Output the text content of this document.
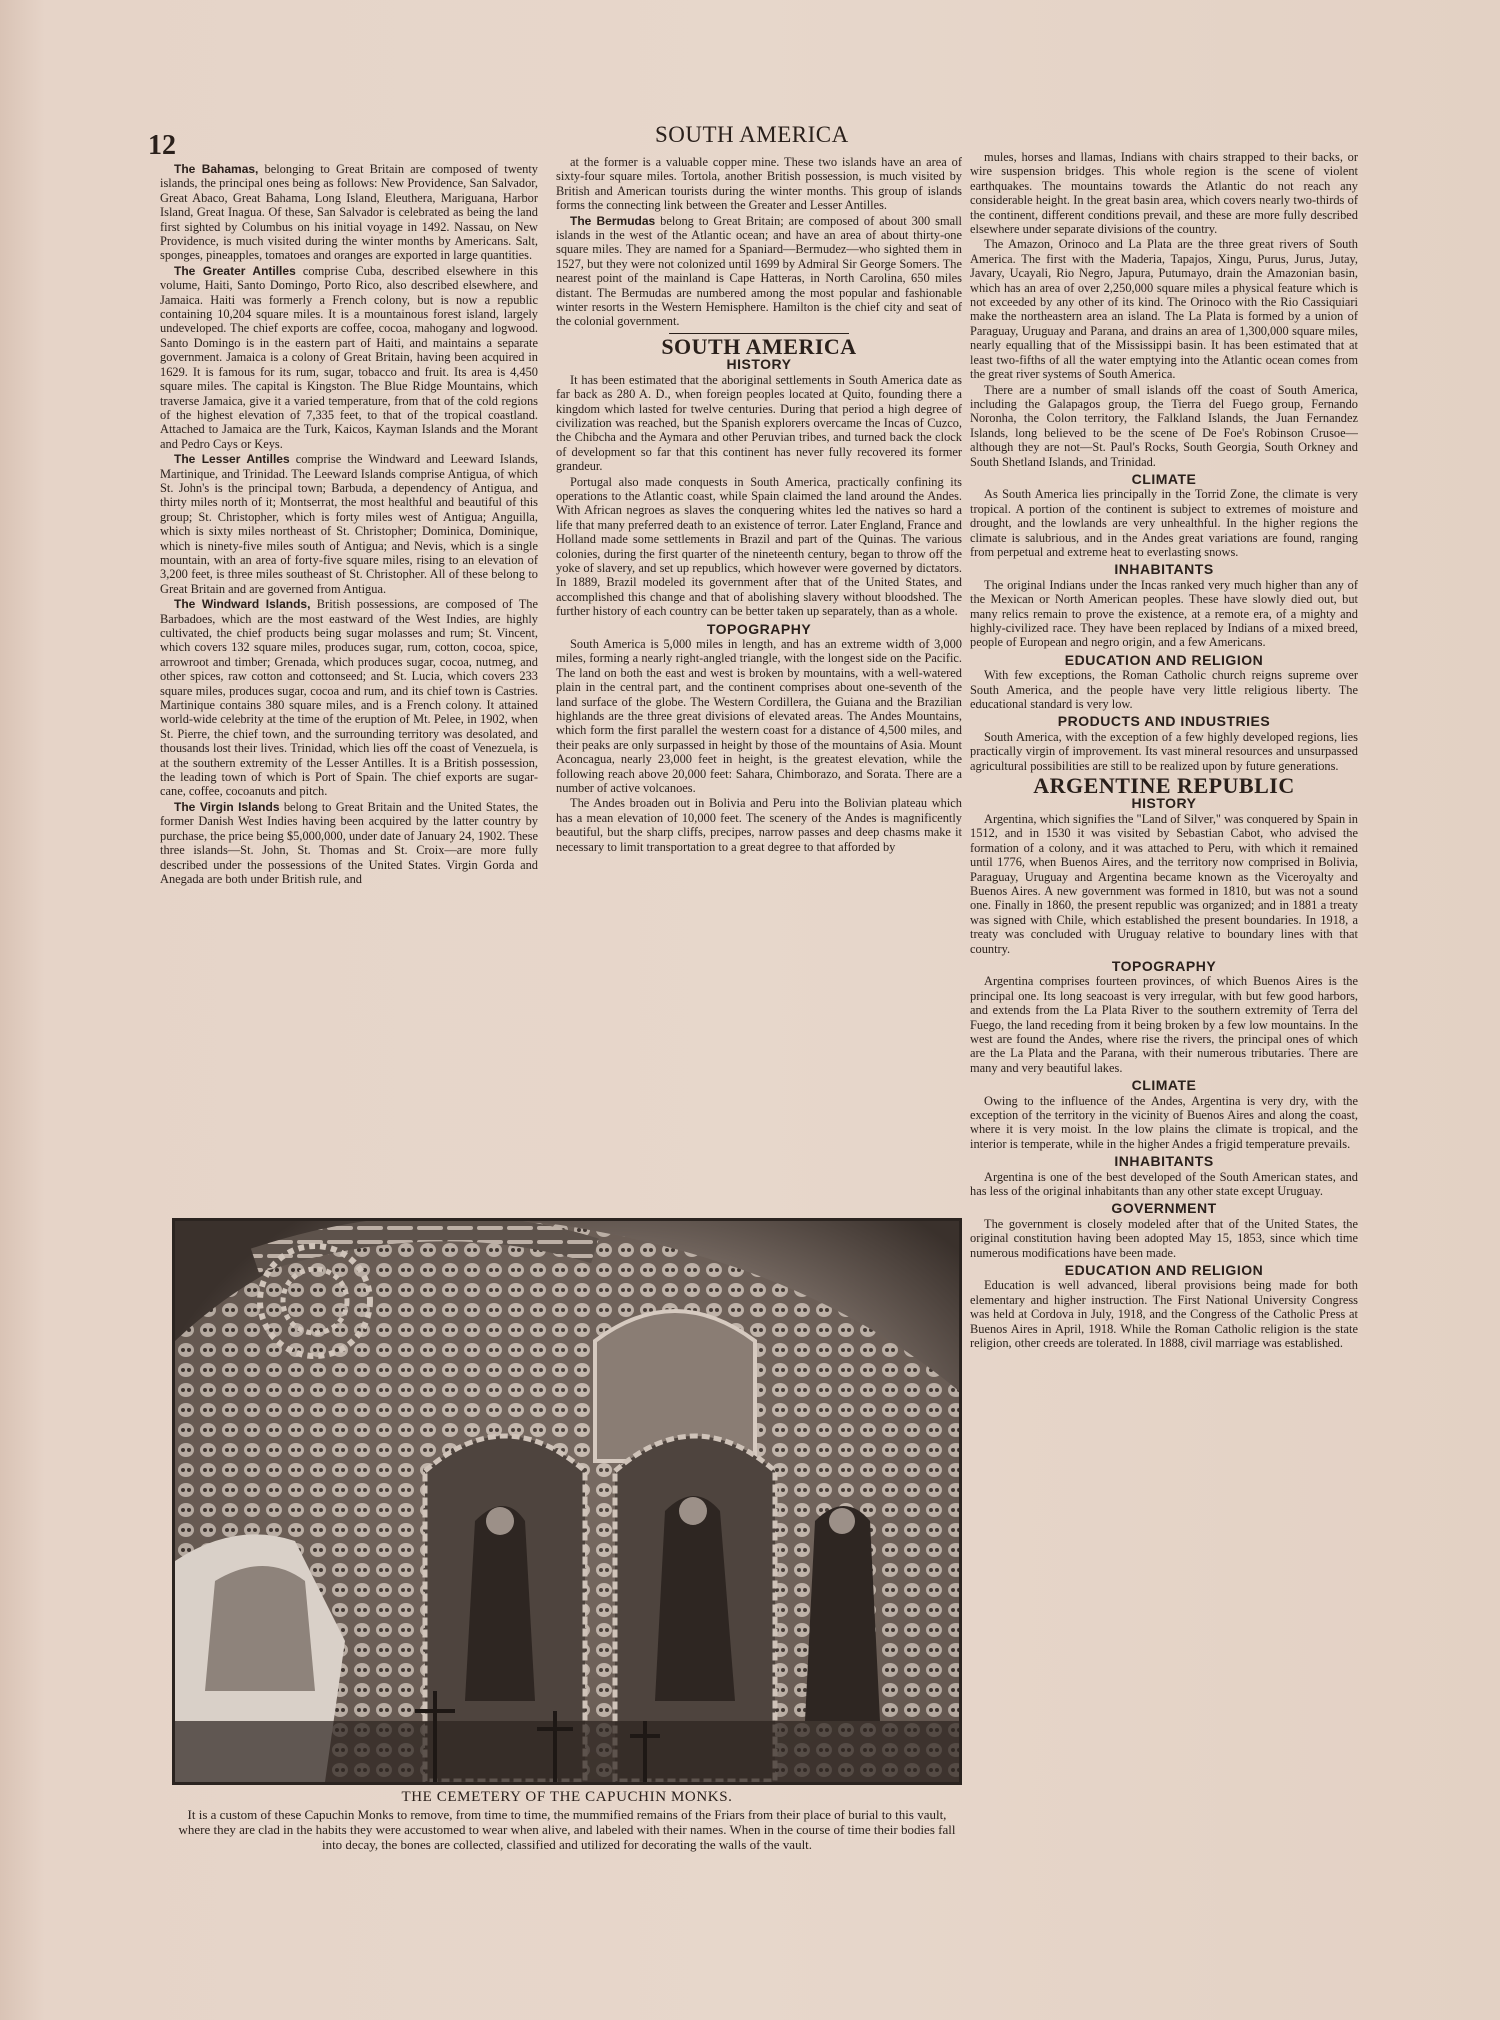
12	SOUTH AMERICA

The Bahamas, belonging to Great Britain are composed of twenty islands, the principal ones being as follows: New Providence, San Salvador, Great Abaco, Great Bahama, Long Island, Eleuthera, Mariguana, Harbor Island, Great Inagua. Of these, San Salvador is celebrated as being the land first sighted by Columbus on his initial voyage in 1492. Nassau, on New Providence, is much visited during the winter months by Americans. Salt, sponges, pineapples, tomatoes and oranges are exported in large quantities.

The Greater Antilles comprise Cuba, described elsewhere in this volume, Haiti, Santo Domingo, Porto Rico, also described elsewhere, and Jamaica. Haiti was formerly a French colony, but is now a republic containing 10,204 square miles. It is a mountainous forest island, largely undeveloped. The chief exports are coffee, cocoa, mahogany and logwood. Santo Domingo is in the eastern part of Haiti, and maintains a separate government. Jamaica is a colony of Great Britain, having been acquired in 1629. It is famous for its rum, sugar, tobacco and fruit. Its area is 4,450 square miles. The capital is Kingston. The Blue Ridge Mountains, which traverse Jamaica, give it a varied temperature, from that of the cold regions of the highest elevation of 7,335 feet, to that of the tropical coastland. Attached to Jamaica are the Turk, Kaicos, Kayman Islands and the Morant and Pedro Cays or Keys.

The Lesser Antilles comprise the Windward and Leeward Islands, Martinique, and Trinidad. The Leeward Islands comprise Antigua, of which St. John's is the principal town; Barbuda, a dependency of Antigua, and thirty miles north of it; Montserrat, the most healthful and beautiful of this group; St. Christopher, which is forty miles west of Antigua; Anguilla, which is sixty miles northeast of St. Christopher; Dominica, Dominique, which is ninety-five miles south of Antigua; and Nevis, which is a single mountain, with an area of forty-five square miles, rising to an elevation of 3,200 feet, is three miles southeast of St. Christopher. All of these belong to Great Britain and are governed from Antigua.

The Windward Islands, British possessions, are composed of The Barbadoes, which are the most eastward of the West Indies, are highly cultivated, the chief products being sugar molasses and rum; St. Vincent, which covers 132 square miles, produces sugar, rum, cotton, cocoa, spice, arrowroot and timber; Grenada, which produces sugar, cocoa, nutmeg, and other spices, raw cotton and cottonseed; and St. Lucia, which covers 233 square miles, produces sugar, cocoa and rum, and its chief town is Castries. Martinique contains 380 square miles, and is a French colony. It attained world-wide celebrity at the time of the eruption of Mt. Pelee, in 1902, when St. Pierre, the chief town, and the surrounding territory was desolated, and thousands lost their lives. Trinidad, which lies off the coast of Venezuela, is at the southern extremity of the Lesser Antilles. It is a British possession, the leading town of which is Port of Spain. The chief exports are sugar-cane, coffee, cocoanuts and pitch.

The Virgin Islands belong to Great Britain and the United States, the former Danish West Indies having been acquired by the latter country by purchase, the price being $5,000,000, under date of January 24, 1902. These three islands—St. John, St. Thomas and St. Croix—are more fully described under the possessions of the United States. Virgin Gorda and Anegada are both under British rule, and

at the former is a valuable copper mine. These two islands have an area of sixty-four square miles. Tortola, another British possession, is much visited by British and American tourists during the winter months. This group of islands forms the connecting link between the Greater and Lesser Antilles.

The Bermudas belong to Great Britain; are composed of about 300 small islands in the west of the Atlantic ocean; and have an area of about thirty-one square miles. They are named for a Spaniard—Bermudez—who sighted them in 1527, but they were not colonized until 1699 by Admiral Sir George Somers. The nearest point of the mainland is Cape Hatteras, in North Carolina, 650 miles distant. The Bermudas are numbered among the most popular and fashionable winter resorts in the Western Hemisphere. Hamilton is the chief city and seat of the colonial government.

SOUTH AMERICA
HISTORY

It has been estimated that the aboriginal settlements in South America date as far back as 280 A. D., when foreign peoples located at Quito, founding there a kingdom which lasted for twelve centuries. During that period a high degree of civilization was reached, but the Spanish explorers overcame the Incas of Cuzco, the Chibcha and the Aymara and other Peruvian tribes, and turned back the clock of development so far that this continent has never fully recovered its former grandeur.

Portugal also made conquests in South America, practically confining its operations to the Atlantic coast, while Spain claimed the land around the Andes. With African negroes as slaves the conquering whites led the natives so hard a life that many preferred death to an existence of terror. Later England, France and Holland made some settlements in Brazil and part of the Quinas. The various colonies, during the first quarter of the nineteenth century, began to throw off the yoke of slavery, and set up republics, which however were governed by dictators. In 1889, Brazil modeled its government after that of the United States, and accomplished this change and that of abolishing slavery without bloodshed. The further history of each country can be better taken up separately, than as a whole.

TOPOGRAPHY

South America is 5,000 miles in length, and has an extreme width of 3,000 miles, forming a nearly right-angled triangle, with the longest side on the Pacific. The land on both the east and west is broken by mountains, with a well-watered plain in the central part, and the continent comprises about one-seventh of the land surface of the globe. The Western Cordillera, the Guiana and the Brazilian highlands are the three great divisions of elevated areas. The Andes Mountains, which form the first parallel the western coast for a distance of 4,500 miles, and their peaks are only surpassed in height by those of the mountains of Asia. Mount Aconcagua, nearly 23,000 feet in height, is the greatest elevation, while the following reach above 20,000 feet: Sahara, Chimborazo, and Sorata. There are a number of active volcanoes.

The Andes broaden out in Bolivia and Peru into the Bolivian plateau which has a mean elevation of 10,000 feet. The scenery of the Andes is magnificently beautiful, but the sharp cliffs, precipes, narrow passes and deep chasms make it necessary to limit transportation to a great degree to that afforded by

mules, horses and llamas, Indians with chairs strapped to their backs, or wire suspension bridges. This whole region is the scene of violent earthquakes. The mountains towards the Atlantic do not reach any considerable height. In the great basin area, which covers nearly two-thirds of the continent, different conditions prevail, and these are more fully described elsewhere under separate divisions of the country.

The Amazon, Orinoco and La Plata are the three great rivers of South America. The first with the Maderia, Tapajos, Xingu, Purus, Jurus, Jutay, Javary, Ucayali, Rio Negro, Japura, Putumayo, drain the Amazonian basin, which has an area of over 2,250,000 square miles a physical feature which is not exceeded by any other of its kind. The Orinoco with the Rio Cassiquiari make the northeastern area an island. The La Plata is formed by a union of Paraguay, Uruguay and Parana, and drains an area of 1,300,000 square miles, nearly equalling that of the Mississippi basin. It has been estimated that at least two-fifths of all the water emptying into the Atlantic ocean comes from the great river systems of South America.

There are a number of small islands off the coast of South America, including the Galapagos group, the Tierra del Fuego group, Fernando Noronha, the Colon territory, the Falkland Islands, the Juan Fernandez Islands, long believed to be the scene of De Foe's Robinson Crusoe—although they are not—St. Paul's Rocks, South Georgia, South Orkney and South Shetland Islands, and Trinidad.

CLIMATE

As South America lies principally in the Torrid Zone, the climate is very tropical. A portion of the continent is subject to extremes of moisture and drought, and the lowlands are very unhealthful. In the higher regions the climate is salubrious, and in the Andes great variations are found, ranging from perpetual and extreme heat to everlasting snows.

INHABITANTS

The original Indians under the Incas ranked very much higher than any of the Mexican or North American peoples. These have slowly died out, but many relics remain to prove the existence, at a remote era, of a mighty and highly-civilized race. They have been replaced by Indians of a mixed breed, people of European and negro origin, and a few Americans.

EDUCATION AND RELIGION

With few exceptions, the Roman Catholic church reigns supreme over South America, and the people have very little religious liberty. The educational standard is very low.

PRODUCTS AND INDUSTRIES

South America, with the exception of a few highly developed regions, lies practically virgin of improvement. Its vast mineral resources and unsurpassed agricultural possibilities are still to be realized upon by future generations.

ARGENTINE REPUBLIC
HISTORY

Argentina, which signifies the "Land of Silver," was conquered by Spain in 1512, and in 1530 it was visited by Sebastian Cabot, who advised the formation of a colony, and it was attached to Peru, with which it remained until 1776, when Buenos Aires, and the territory now comprised in Bolivia, Paraguay, Uruguay and Argentina became known as the Viceroyalty and Buenos Aires. A new government was formed in 1810, but was not a sound one. Finally in 1860, the present republic was organized; and in 1881 a treaty was signed with Chile, which established the present boundaries. In 1918, a treaty was concluded with Uruguay relative to boundary lines with that country.

TOPOGRAPHY

Argentina comprises fourteen provinces, of which Buenos Aires is the principal one. Its long seacoast is very irregular, with but few good harbors, and extends from the La Plata River to the southern extremity of Terra del Fuego, the land receding from it being broken by a few low mountains. In the west are found the Andes, where rise the rivers, the principal ones of which are the La Plata and the Parana, with their numerous tributaries. There are many and very beautiful lakes.

CLIMATE

Owing to the influence of the Andes, Argentina is very dry, with the exception of the territory in the vicinity of Buenos Aires and along the coast, where it is very moist. In the low plains the climate is tropical, and the interior is temperate, while in the higher Andes a frigid temperature prevails.

INHABITANTS

Argentina is one of the best developed of the South American states, and has less of the original inhabitants than any other state except Uruguay.

GOVERNMENT

The government is closely modeled after that of the United States, the original constitution having been adopted May 15, 1853, since which time numerous modifications have been made.

EDUCATION AND RELIGION

Education is well advanced, liberal provisions being made for both elementary and higher instruction. The First National University Congress was held at Cordova in July, 1918, and the Congress of the Catholic Press at Buenos Aires in April, 1918. While the Roman Catholic religion is the state religion, other creeds are tolerated. In 1888, civil marriage was established.

THE CEMETERY OF THE CAPUCHIN MONKS.
It is a custom of these Capuchin Monks to remove, from time to time, the mummified remains of the Friars from their place of burial to this vault, where they are clad in the habits they were accustomed to wear when alive, and labeled with their names. When in the course of time their bodies fall into decay, the bones are collected, classified and utilized for decorating the walls of the vault.
